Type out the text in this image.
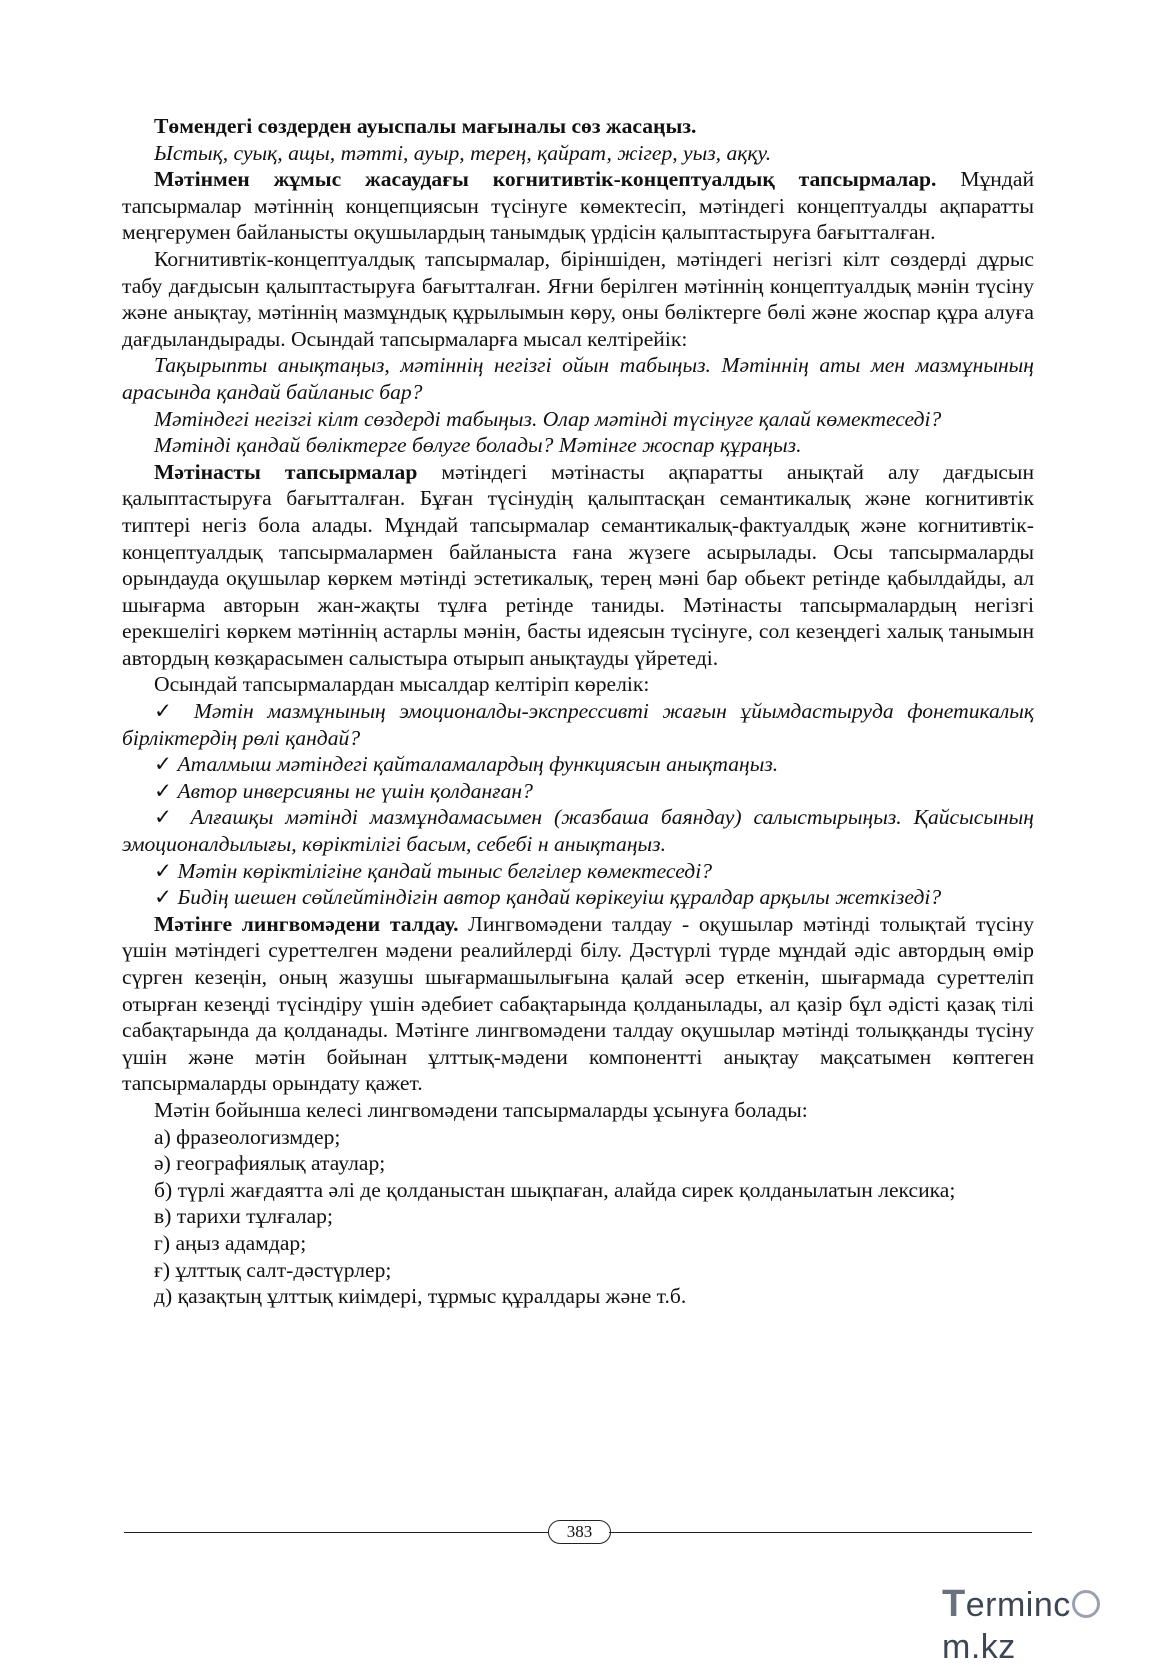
Төмендегі сөздерден ауыспалы мағыналы сөз жасаңыз.

Ыстық, суық, ащы, тәтті, ауыр, терең, қайрат, жігер, уыз, аққу.

Мәтінмен жұмыс жасаудағы когнитивтік-концептуалдық тапсырмалар. Мұндай тапсырмалар мәтіннің концепциясын түсінуге көмектесіп, мәтіндегі концептуалды ақпаратты меңгерумен байланысты оқушылардың танымдық үрдісін қалыптастыруға бағытталған.

Когнитивтік-концептуалдық тапсырмалар, біріншіден, мәтіндегі негізгі кілт сөздерді дұрыс табу дағдысын қалыптастыруға бағытталған. Яғни берілген мәтіннің концептуалдық мәнін түсіну және анықтау, мәтіннің мазмұндық құрылымын көру, оны бөліктерге бөлі және жоспар құра алуға дағдыландырады. Осындай тапсырмаларға мысал келтірейік:

Тақырыпты анықтаңыз, мәтіннің негізгі ойын табыңыз. Мәтіннің аты мен мазмұнының арасында қандай байланыс бар?

Мәтіндегі негізгі кілт сөздерді табыңыз. Олар мәтінді түсінуге қалай көмектеседі?

Мәтінді қандай бөліктерге бөлуге болады? Мәтінге жоспар құраңыз.

Мәтінасты тапсырмалар мәтіндегі мәтінасты ақпаратты анықтай алу дағдысын қалыптастыруға бағытталған. Бұған түсінудің қалыптасқан семантикалық және когнитивтік типтері негіз бола алады. Мұндай тапсырмалар семантикалық-фактуалдық және когнитивтік-концептуалдық тапсырмалармен байланыста ғана жүзеге асырылады. Осы тапсырмаларды орындауда оқушылар көркем мәтінді эстетикалық, терең мәні бар обьект ретінде қабылдайды, ал шығарма авторын жан-жақты тұлға ретінде таниды. Мәтінасты тапсырмалардың негізгі ерекшелігі көркем мәтіннің астарлы мәнін, басты идеясын түсінуге, сол кезеңдегі халық танымын автордың көзқарасымен салыстыра отырып анықтауды үйретеді.

Осындай тапсырмалардан мысалдар келтіріп көрелік:

✓ Мәтін мазмұнының эмоционалды-экспрессивті жағын ұйымдастыруда фонетикалық бірліктердің рөлі қандай?

✓ Аталмыш мәтіндегі қайталамалардың функциясын анықтаңыз.

✓ Автор инверсияны не үшін қолданған?

✓ Алғашқы мәтінді мазмұндамасымен (жазбаша баяндау) салыстырыңыз. Қайсысының эмоционалдылығы, көріктілігі басым, себебі н анықтаңыз.

✓ Мәтін көріктілігіне қандай тыныс белгілер көмектеседі?

✓ Бидің шешен сөйлейтіндігін автор қандай көрікеуіш құралдар арқылы жеткізеді?

Мәтінге лингвомәдени талдау. Лингвомәдени талдау - оқушылар мәтінді толықтай түсіну үшін мәтіндегі суреттелген мәдени реалийлерді білу. Дәстүрлі түрде мұндай әдіс автордың өмір сүрген кезеңін, оның жазушы шығармашылығына қалай әсер еткенін, шығармада суреттеліп отырған кезеңді түсіндіру үшін әдебиет сабақтарында қолданылады, ал қазір бұл әдісті қазақ тілі сабақтарында да қолданады. Мәтінге лингвомәдени талдау оқушылар мәтінді толыққанды түсіну үшін және мәтін бойынан ұлттық-мәдени компонентті анықтау мақсатымен көптеген тапсырмаларды орындату қажет.

Мәтін бойынша келесі лингвомәдени тапсырмаларды ұсынуға болады:

а) фразеологизмдер;

ә) географиялық атаулар;

б) түрлі жағдаятта әлі де қолданыстан шықпаған, алайда сирек қолданылатын лексика;

в) тарихи тұлғалар;

г) аңыз адамдар;

ғ) ұлттық салт-дәстүрлер;

д) қазақтың ұлттық киімдері, тұрмыс құралдары және т.б.

383
Termincm.kz
